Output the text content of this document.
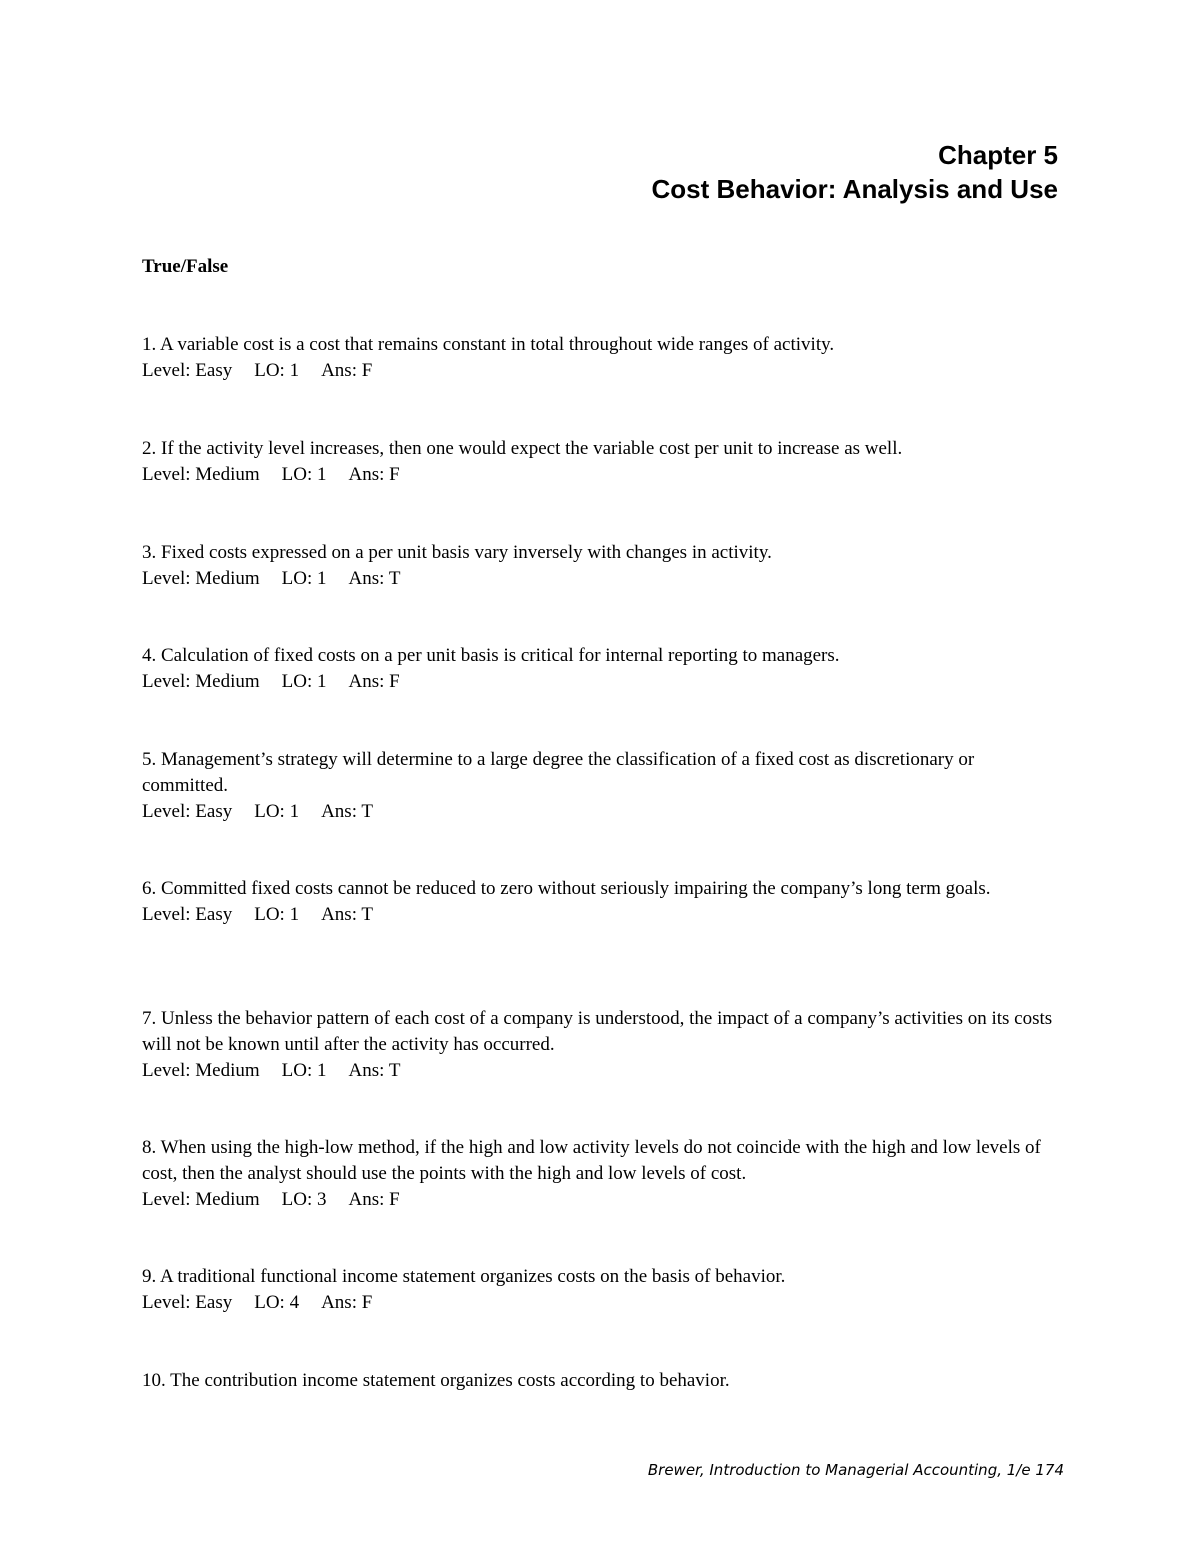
Chapter 5
Cost Behavior: Analysis and Use
True/False
1. A variable cost is a cost that remains constant in total throughout wide ranges of activity.
Level: Easy LO: 1 Ans: F
2. If the activity level increases, then one would expect the variable cost per unit to increase as well.
Level: Medium LO: 1 Ans: F
3. Fixed costs expressed on a per unit basis vary inversely with changes in activity.
Level: Medium LO: 1 Ans: T
4. Calculation of fixed costs on a per unit basis is critical for internal reporting to managers.
Level: Medium LO: 1 Ans: F
5. Management’s strategy will determine to a large degree the classification of a fixed cost as discretionary or committed.
Level: Easy LO: 1 Ans: T
6. Committed fixed costs cannot be reduced to zero without seriously impairing the company’s long term goals.
Level: Easy LO: 1 Ans: T
7. Unless the behavior pattern of each cost of a company is understood, the impact of a company’s activities on its costs will not be known until after the activity has occurred.
Level: Medium LO: 1 Ans: T
8. When using the high-low method, if the high and low activity levels do not coincide with the high and low levels of cost, then the analyst should use the points with the high and low levels of cost.
Level: Medium LO: 3 Ans: F
9. A traditional functional income statement organizes costs on the basis of behavior.
Level: Easy LO: 4 Ans: F
10. The contribution income statement organizes costs according to behavior.
Brewer, Introduction to Managerial Accounting, 1/e 174
